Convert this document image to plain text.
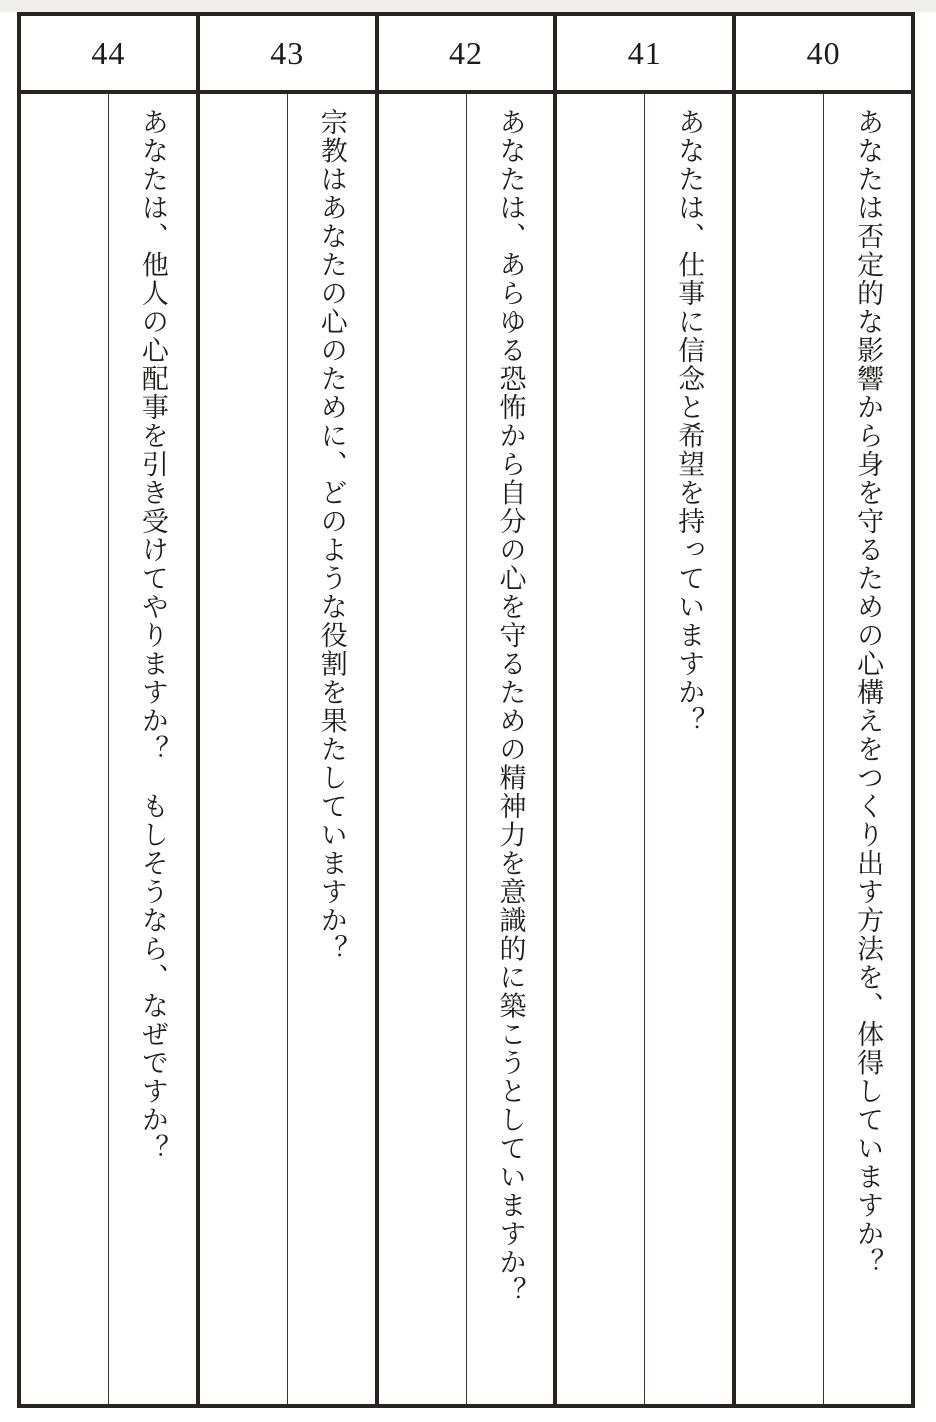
44

あなたは、他人の心配事を引き受けてやりますか？　もしそうなら、なぜですか？

43

宗教はあなたの心のために、どのような役割を果たしていますか？

42

あなたは、あらゆる恐怖から自分の心を守るための精神力を意識的に築こうとしていますか？

41

あなたは、仕事に信念と希望を持っていますか？

40

あなたは否定的な影響から身を守るための心構えをつくり出す方法を、体得していますか？
